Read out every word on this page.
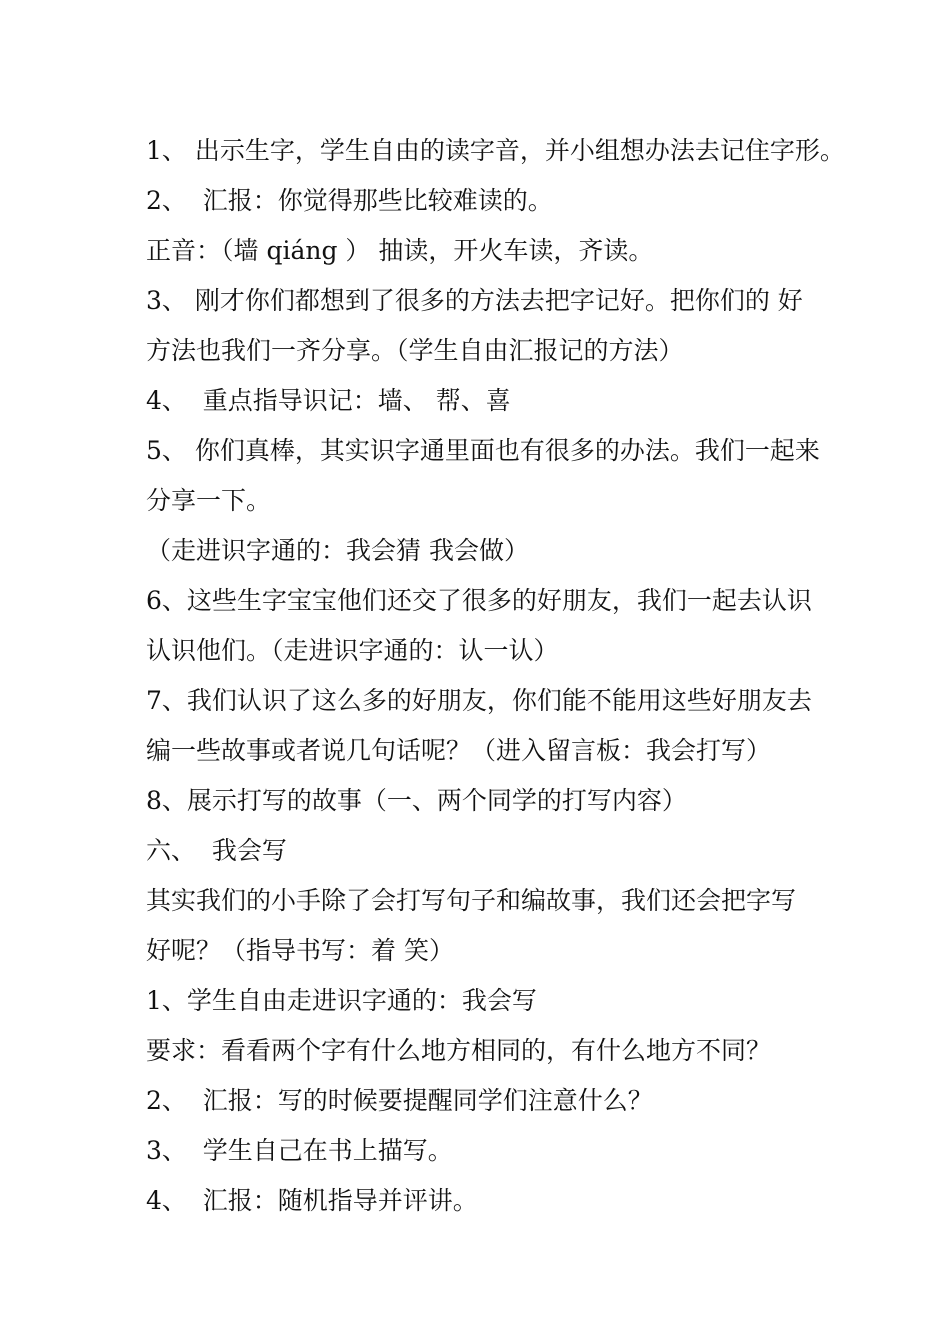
1、 出示生字，学生自由的读字音，并小组想办法去记住字形。
2、  汇报：你觉得那些比较难读的。
正音：（墙 qiáng ） 抽读，开火车读，齐读。
3、 刚才你们都想到了很多的方法去把字记好。把你们的 好
方法也我们一齐分享。（学生自由汇报记的方法）
4、  重点指导识记：墙、 帮、喜
5、 你们真棒，其实识字通里面也有很多的办法。我们一起来
分享一下。
（走进识字通的：我会猜 我会做）
6、这些生字宝宝他们还交了很多的好朋友，我们一起去认识
认识他们。（走进识字通的：认一认）
7、我们认识了这么多的好朋友，你们能不能用这些好朋友去
编一些故事或者说几句话呢？（进入留言板：我会打写）
8、展示打写的故事（一、两个同学的打写内容）
六、  我会写
其实我们的小手除了会打写句子和编故事，我们还会把字写
好呢？（指导书写：着 笑）
1、学生自由走进识字通的：我会写
要求：看看两个字有什么地方相同的，有什么地方不同？
2、  汇报：写的时候要提醒同学们注意什么？
3、  学生自己在书上描写。
4、  汇报：随机指导并评讲。
